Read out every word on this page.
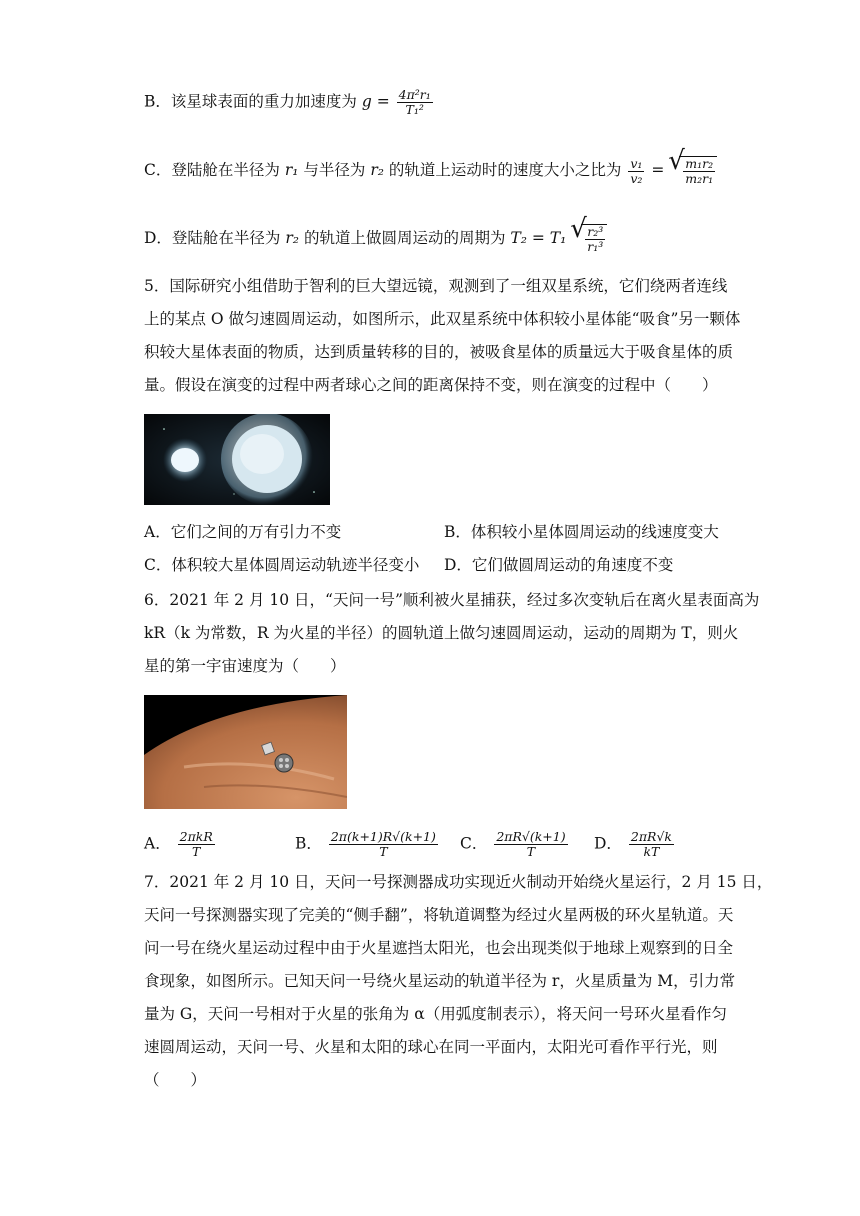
B．该星球表面的重力加速度为 $g = \frac{\text{4π²r₁}}{\text{T₁²}}$
C．登陆舱在半径为 r₁ 与半径为 r₂ 的轨道上运动时的速度大小之比为 $\frac{\text{v₁}}{\text{v₂}}$ = √ $\frac{\text{m₁r₂}}{\text{m₂r₁}}$
D．登陆舱在半径为 r₂ 的轨道上做圆周运动的周期为 T₂ = T₁ √ $\frac{\text{r₂³}}{\text{r₁³}}$
5．国际研究小组借助于智利的巨大望远镜，观测到了一组双星系统，它们绕两者连线
上的某点 O 做匀速圆周运动，如图所示，此双星系统中体积较小星体能“吸食”另一颗体
积较大星体表面的物质，达到质量转移的目的，被吸食星体的质量远大于吸食星体的质
量。假设在演变的过程中两者球心之间的距离保持不变，则在演变的过程中（　　）
A．它们之间的万有引力不变	B．体积较小星体圆周运动的线速度变大
C．体积较大星体圆周运动轨迹半径变小 D．它们做圆周运动的角速度不变
6．2021 年 2 月 10 日，“天问一号”顺利被火星捕获，经过多次变轨后在离火星表面高为
kR（k 为常数，R 为火星的半径）的圆轨道上做匀速圆周运动，运动的周期为 T，则火
星的第一宇宙速度为（　　）
A． $\frac{\text{2πkR}}{T}$	B． $\frac{2\pi(k+1)R√(k+1)}{T}$ C． $\frac{2\pi R√(k+1)}{T}$ D． $\frac{2\pi R√k}{kT}$
7．2021 年 2 月 10 日，天问一号探测器成功实现近火制动开始绕火星运行，2 月 15 日，
天问一号探测器实现了完美的“侧手翻”，将轨道调整为经过火星两极的环火星轨道。天
问一号在绕火星运动过程中由于火星遮挡太阳光，也会出现类似于地球上观察到的日全
食现象，如图所示。已知天问一号绕火星运动的轨道半径为 r，火星质量为 M，引力常
量为 G，天问一号相对于火星的张角为 α（用弧度制表示），将天问一号环火星看作匀
速圆周运动，天问一号、火星和太阳的球心在同一平面内，太阳光可看作平行光，则
（　　）
